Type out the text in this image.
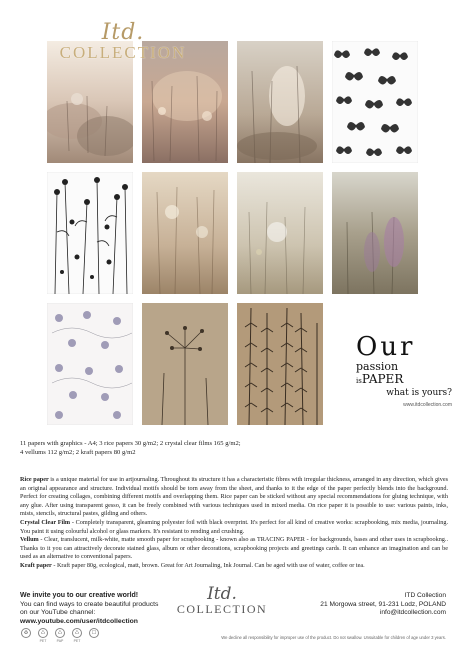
Itd.
COLLECTION
Our
passion
isPAPER
what is yours?
www.itdcollection.com
11 papers with graphics - A4; 3 rice papers 30 g/m2; 2 crystal clear films 165 g/m2;
4 vellums 112 g/m2; 2 kraft papers 80 g/m2
Rice paper is a unique material for use in artjournaling. Throughout its structure it has a characteristic fibres with irregular thickness, arranged in any direction, which gives an original appearance and structure. Individual motifs should be torn away from the sheet, and thanks to it the edge of the paper perfectly blends into the background. Perfect for creating collages, combining different motifs and overlapping them. Rice paper can be sticked without any special recommendations for gluing technique, with any glue. After using transparent gesso, it can be freely combined with various techniques used in mixed media. On rice paper it is possible to use: various paints, inks, mists, stencils, structural pastes, gilding and others.
Crystal Clear Film - Completely transparent, gleaming polyester foil with black overprint. It's perfect for all kind of creative works: scrapbooking, mix media, journaling. You paint it using colourful alcohol or glass markers. It's resistant to rending and crushing.
Vellum - Clear, translucent, milk-white, matte smooth paper for scrapbooking - known also as TRACING PAPER - for backgrounds, bases and other uses in scrapbookng.. Thanks to it you can attractively decorate stained glass, album or other decorations, scrapbooking projects and greetings cards. It can enhance an imagination and can be used as an alternative to conventional papers.
Kraft paper - Kraft paper 80g, ecological, matt, brown. Great for Art Journaling, Ink Journal. Can be aged with use of water, coffee or tea.
We invite you to our creative world!
You can find ways to create beautiful products
on our YouTube channel:
www.youtube.com/user/itdcollection
Itd.
COLLECTION
ITD Collection
21 Morgowa street, 91-231 Lodz, POLAND
info@itdcollection.com
♻	♺
PET
♺
PAP
♺
PET
☐
We decline all responsibility for improper use of the product. Do not swallow. Unsuitable for children of age under 3 years.
